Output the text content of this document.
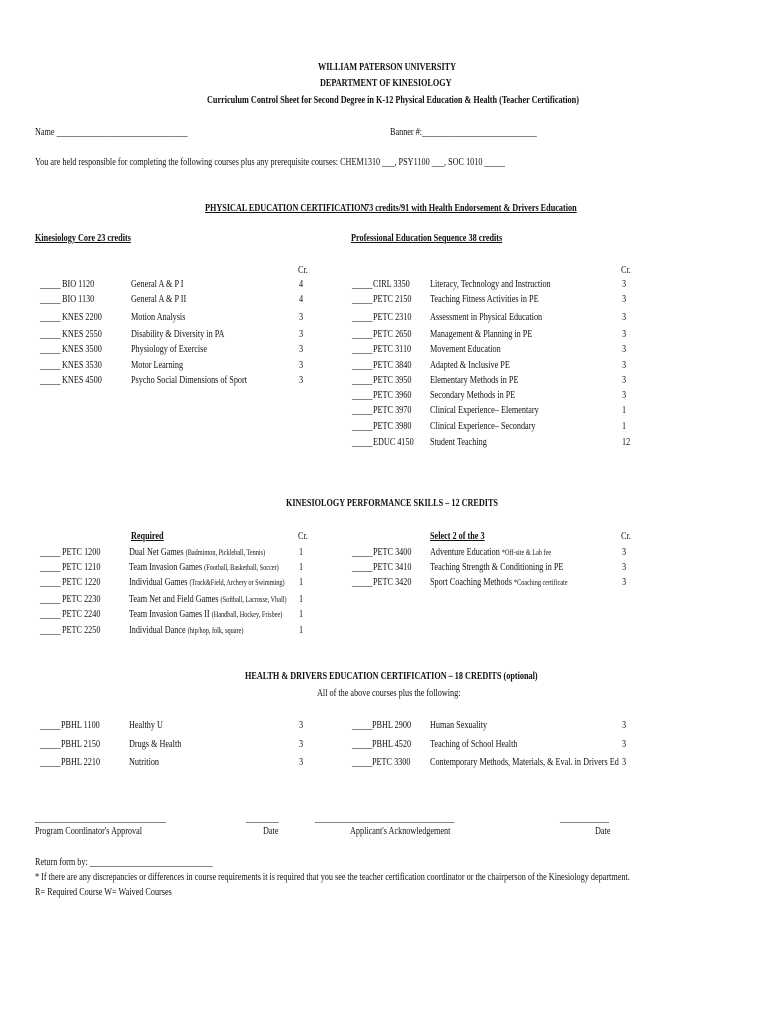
WILLIAM PATERSON UNIVERSITY
DEPARTMENT OF KINESIOLOGY
Curriculum Control Sheet for Second Degree in K-12 Physical Education & Health (Teacher Certification)
Name ________________________________	Banner #:____________________________
You are held responsible for completing the following courses plus any prerequisite courses: CHEM1310 ___, PSY1100 ___, SOC 1010 _____
PHYSICAL EDUCATION CERTIFICATION
73 credits/91 with Health Endorsement & Drivers Education
Kinesiology Core 23 credits	Professional Education Sequence 38 credits
Cr.	Cr.
_____ BIO 1120	General A & P I	4
_____ BIO 1130	General A & P II	4
_____ KNES 2200	Motion Analysis	3
_____ KNES 2550	Disability & Diversity in PA	3
_____ KNES 3500	Physiology of Exercise	3
_____ KNES 3530	Motor Learning	3
_____ KNES 4500	Psycho Social Dimensions of Sport	3
_____ CIRL 3350 Literacy, Technology and Instruction	3
_____ PETC 2150 Teaching Fitness Activities in PE	3
_____ PETC 2310 Assessment in Physical Education	3
_____ PETC 2650 Management & Planning in PE	3
_____ PETC 3110 Movement Education	3
_____ PETC 3840 Adapted & Inclusive PE	3
_____ PETC 3950 Elementary Methods in PE	3
_____ PETC 3960 Secondary Methods in PE	3
_____ PETC 3970 Clinical Experience– Elementary	1
_____ PETC 3980 Clinical Experience– Secondary	1
_____ EDUC 4150 Student Teaching	12
KINESIOLOGY PERFORMANCE SKILLS – 12 CREDITS
Required	Cr.	Select 2 of the 3	Cr.
_____ PETC 1200	Dual Net Games (Badminton, Pickleball, Tennis)	1
_____ PETC 1210	Team Invasion Games (Football, Basketball, Soccer) 1
_____ PETC 1220	Individual Games (Track&Field, Archery or Swimming) 1
_____ PETC 2230	Team Net and Field Games (Softball, Lacrosse, Vball) 1
_____ PETC 2240	Team Invasion Games II (Handball, Hockey, Frisbee) 1
_____ PETC 2250	Individual Dance (hip/hop, folk, square)	1
_____ PETC 3400 Adventure Education *Off-site & Lab fee	3
_____ PETC 3410 Teaching Strength & Conditioning in PE	3
_____ PETC 3420 Sport Coaching Methods *Coaching certificate	3
HEALTH & DRIVERS EDUCATION CERTIFICATION – 18 CREDITS (optional)
All of the above courses plus the following:
_____ PBHL 1100	Healthy U	3
_____ PBHL 2150	Drugs & Health	3
_____ PBHL 2210	Nutrition	3
_____ PBHL 2900 Human Sexuality	3
_____ PBHL 4520 Teaching of School Health	3
_____ PETC 3300 Contemporary Methods, Materials, & Eval. in Drivers Ed 3
________________________________
Program Coordinator's Approval
________
Date
__________________________________
Applicant's Acknowledgement
____________
Date
Return form by: ______________________________
* If there are any discrepancies or differences in course requirements it is required that you see the teacher certification coordinator or the chairperson of the Kinesiology department.
R= Required Course W= Waived Courses
